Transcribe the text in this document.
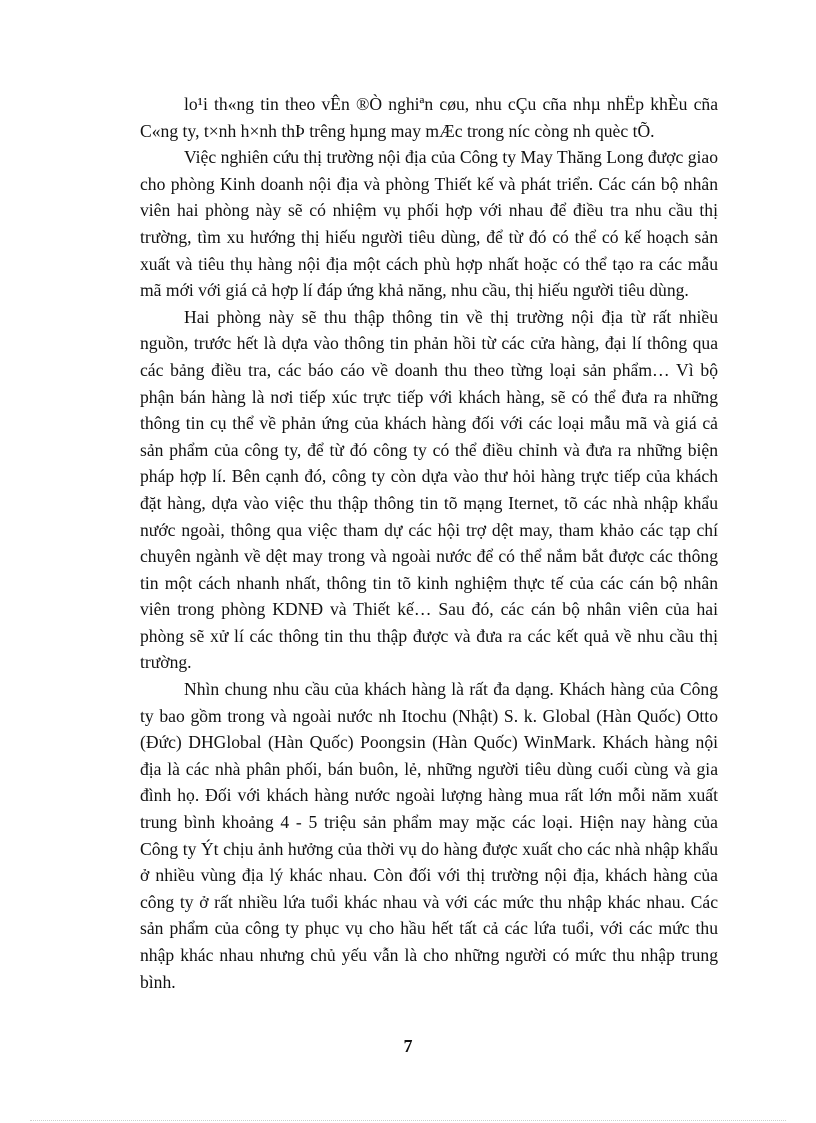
lo¹i th«ng tin theo vÊn ®Ò nghiªn cøu, nhu cÇu cña nhµ nhËp khÈu cña C«ng ty, t×nh h×nh thÞ trêng hµng may mÆc trong níc còng nh quèc tÕ.

Việc nghiên cứu thị trường nội địa của Công ty May Thăng Long được giao cho phòng Kinh doanh nội địa và phòng Thiết kế và phát triển. Các cán bộ nhân viên hai phòng này sẽ có nhiệm vụ phối hợp với nhau để điều tra nhu cầu thị trường, tìm xu hướng thị hiếu người tiêu dùng, để từ đó có thể có kế hoạch sản xuất và tiêu thụ hàng nội địa một cách phù hợp nhất hoặc có thể tạo ra các mẫu mã mới với giá cả hợp lí đáp ứng khả năng, nhu cầu, thị hiếu người tiêu dùng.

Hai phòng này sẽ thu thập thông tin về thị trường nội địa từ rất nhiều nguồn, trước hết là dựa vào thông tin phản hồi từ các cửa hàng, đại lí thông qua các bảng điều tra, các báo cáo về doanh thu theo từng loại sản phẩm… Vì bộ phận bán hàng là nơi tiếp xúc trực tiếp với khách hàng, sẽ có thể đưa ra những thông tin cụ thể về phản ứng của khách hàng đối với các loại mẫu mã và giá cả sản phẩm của công ty, để từ đó công ty có thể điều chỉnh và đưa ra những biện pháp hợp lí. Bên cạnh đó, công ty còn dựa vào thư hỏi hàng trực tiếp của khách đặt hàng, dựa vào việc thu thập thông tin tõ mạng Iternet, tõ các nhà nhập khẩu nước ngoài, thông qua việc tham dự các hội trợ dệt may, tham khảo các tạp chí chuyên ngành về dệt may trong và ngoài nước để có thể nắm bắt được các thông tin một cách nhanh nhất, thông tin tõ kinh nghiệm thực tế của các cán bộ nhân viên trong phòng KDNĐ và Thiết kế… Sau đó, các cán bộ nhân viên của hai phòng sẽ xử lí các thông tin thu thập được và đưa ra các kết quả về nhu cầu thị trường.

Nhìn chung nhu cầu của khách hàng là rất đa dạng. Khách hàng của Công ty bao gồm trong và ngoài nước nh Itochu (Nhật) S. k. Global (Hàn Quốc) Otto (Đức) DHGlobal (Hàn Quốc) Poongsin (Hàn Quốc) WinMark. Khách hàng nội địa là các nhà phân phối, bán buôn, lẻ, những người tiêu dùng cuối cùng và gia đình họ. Đối với khách hàng nước ngoài lượng hàng mua rất lớn mỗi năm xuất trung bình khoảng 4 - 5 triệu sản phẩm may mặc các loại. Hiện nay hàng của Công ty Ýt chịu ảnh hưởng của thời vụ do hàng được xuất cho các nhà nhập khẩu ở nhiều vùng địa lý khác nhau. Còn đối với thị trường nội địa, khách hàng của công ty ở rất nhiều lứa tuổi khác nhau và với các mức thu nhập khác nhau. Các sản phẩm của công ty phục vụ cho hầu hết tất cả các lứa tuổi, với các mức thu nhập khác nhau nhưng chủ yếu vẫn là cho những người có mức thu nhập trung bình.

7
